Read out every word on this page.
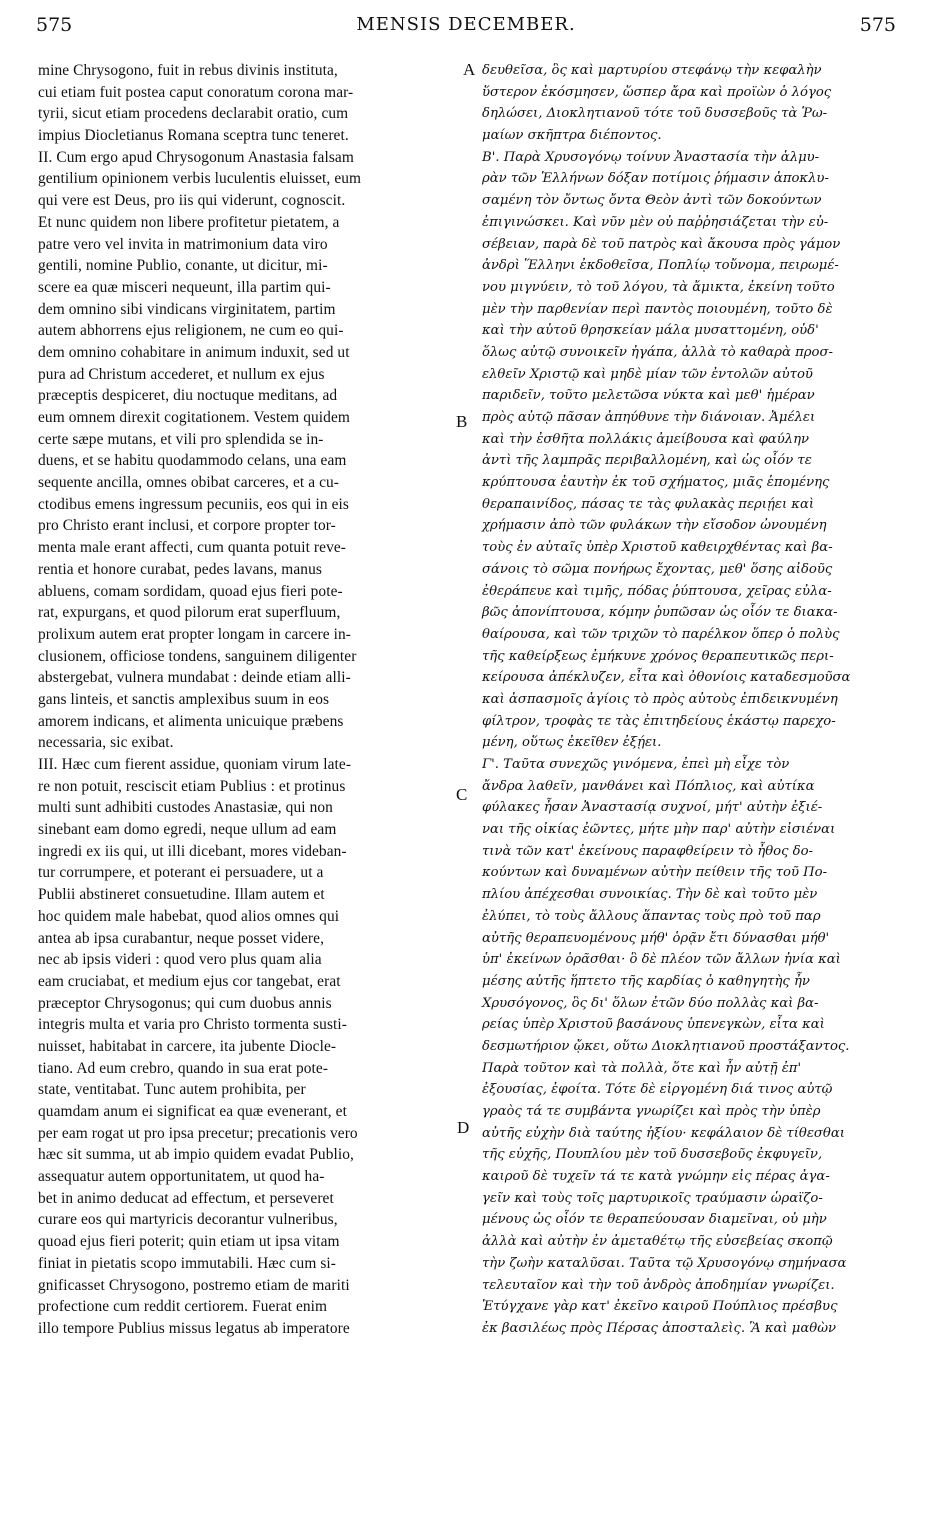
575	MENSIS DECEMBER.	575
mine Chrysogono, fuit in rebus divinis instituta,
cui etiam fuit postea caput conoratum corona mar-
tyrii, sicut etiam procedens declarabit oratio, cum
impius Diocletianus Romana sceptra tunc teneret.
II. Cum ergo apud Chrysogonum Anastasia falsam
gentilium opinionem verbis luculentis eluisset, eum
qui vere est Deus, pro iis qui viderunt, cognoscit.
Et nunc quidem non libere profitetur pietatem, a
patre vero vel invita in matrimonium data viro
gentili, nomine Publio, conante, ut dicitur, mi-
scere ea quæ misceri nequeunt, illa partim qui-
dem omnino sibi vindicans virginitatem, partim
autem abhorrens ejus religionem, ne cum eo qui-
dem omnino cohabitare in animum induxit, sed ut
pura ad Christum accederet, et nullum ex ejus
præceptis despiceret, diu noctuque meditans, ad
eum omnem direxit cogitationem. Vestem quidem
certe sæpe mutans, et vili pro splendida se in-
duens, et se habitu quodammodo celans, una eam
sequente ancilla, omnes obibat carceres, et a cu-
ctodibus emens ingressum pecuniis, eos qui in eis
pro Christo erant inclusi, et corpore propter tor-
menta male erant affecti, cum quanta potuit reve-
rentia et honore curabat, pedes lavans, manus
abluens, comam sordidam, quoad ejus fieri pote-
rat, expurgans, et quod pilorum erat superfluum,
prolixum autem erat propter longam in carcere in-
clusionem, officiose tondens, sanguinem diligenter
abstergebat, vulnera mundabat : deinde etiam alli-
gans linteis, et sanctis amplexibus suum in eos
amorem indicans, et alimenta unicuique præbens
necessaria, sic exibat.
III. Hæc cum fierent assidue, quoniam virum late-
re non potuit, resciscit etiam Publius : et protinus
multi sunt adhibiti custodes Anastasiæ, qui non
sinebant eam domo egredi, neque ullum ad eam
ingredi ex iis qui, ut illi dicebant, mores videban-
tur corrumpere, et poterant ei persuadere, ut a
Publii abstineret consuetudine. Illam autem et
hoc quidem male habebat, quod alios omnes qui
antea ab ipsa curabantur, neque posset videre,
nec ab ipsis videri : quod vero plus quam alia
eam cruciabat, et medium ejus cor tangebat, erat
præceptor Chrysogonus; qui cum duobus annis
integris multa et varia pro Christo tormenta susti-
nuisset, habitabat in carcere, ita jubente Diocle-
tiano. Ad eum crebro, quando in sua erat pote-
state, ventitabat. Tunc autem prohibita, per
quamdam anum ei significat ea quæ evenerant, et
per eam rogat ut pro ipsa precetur; precationis vero
hæc sit summa, ut ab impio quidem evadat Publio,
assequatur autem opportunitatem, ut quod ha-
bet in animo deducat ad effectum, et perseveret
curare eos qui martyricis decorantur vulneribus,
quoad ejus fieri poterit; quin etiam ut ipsa vitam
finiat in pietatis scopo immutabili. Hæc cum si-
gnificasset Chrysogono, postremo etiam de mariti
profectione cum reddit certiorem. Fuerat enim
illo tempore Publius missus legatus ab imperatore
δευθεῖσα, ὃς καὶ μαρτυρίου στεφάνῳ τὴν κεφαλὴν
ὕστερον ἐκόσμησεν, ὥσπερ ἄρα καὶ προϊὼν ὁ λόγος
δηλώσει, Διοκλητιανοῦ τότε τοῦ δυσσεβοῦς τὰ Ῥω-
μαίων σκῆπτρα διέποντος.
Β'. Παρὰ Χρυσογόνῳ τοίνυν Ἀναστασία τὴν ἁλμυ-
ρὰν τῶν Ἑλλήνων δόξαν ποτίμοις ῥήμασιν ἀποκλυ-
σαμένη τὸν ὄντως ὄντα Θεὸν ἀντὶ τῶν δοκούντων
ἐπιγινώσκει. Καὶ νῦν μὲν οὐ παῤῥησιάζεται τὴν εὐ-
σέβειαν, παρὰ δὲ τοῦ πατρὸς καὶ ἄκουσα πρὸς γάμον
ἀνδρὶ Ἕλληνι ἐκδοθεῖσα, Ποπλίῳ τοὔνομα, πειρωμέ-
νου μιγνύειν, τὸ τοῦ λόγου, τὰ ἄμικτα, ἐκείνη τοῦτο
μὲν τὴν παρθενίαν περὶ παντὸς ποιουμένη, τοῦτο δὲ
καὶ τὴν αὐτοῦ θρησκείαν μάλα μυσαττομένη, οὐδ'
ὅλως αὐτῷ συνοικεῖν ἠγάπα, ἀλλὰ τὸ καθαρὰ προσ-
ελθεῖν Χριστῷ καὶ μηδὲ μίαν τῶν ἐντολῶν αὐτοῦ
παριδεῖν, τοῦτο μελετῶσα νύκτα καὶ μεθ' ἡμέραν
πρὸς αὐτῷ πᾶσαν ἀπηύθυνε τὴν διάνοιαν. Ἀμέλει
καὶ τὴν ἐσθῆτα πολλάκις ἀμείβουσα καὶ φαύλην
ἀντὶ τῆς λαμπρᾶς περιβαλλομένη, καὶ ὡς οἷόν τε
κρύπτουσα ἑαυτὴν ἐκ τοῦ σχήματος, μιᾶς ἑπομένης
θεραπαινίδος, πάσας τε τὰς φυλακὰς περιῄει καὶ
χρήμασιν ἀπὸ τῶν φυλάκων τὴν εἴσοδον ὠνουμένη
τοὺς ἐν αὐταῖς ὑπὲρ Χριστοῦ καθειρχθέντας καὶ βα-
σάνοις τὸ σῶμα πονήρως ἔχοντας, μεθ' ὅσης αἰδοῦς
ἐθεράπευε καὶ τιμῆς, πόδας ῥύπτουσα, χεῖρας εὐλα-
βῶς ἀπονίπτουσα, κόμην ῥυπῶσαν ὡς οἷόν τε διακα-
θαίρουσα, καὶ τῶν τριχῶν τὸ παρέλκον ὅπερ ὁ πολὺς
τῆς καθείρξεως ἐμήκυνε χρόνος θεραπευτικῶς περι-
κείρουσα ἀπέκλυζεν, εἶτα καὶ ὀθονίοις καταδεσμοῦσα
καὶ ἀσπασμοῖς ἁγίοις τὸ πρὸς αὐτοὺς ἐπιδεικνυμένη
φίλτρον, τροφὰς τε τὰς ἐπιτηδείους ἑκάστῳ παρεχο-
μένη, οὕτως ἐκεῖθεν ἐξῄει.
Γ'. Ταῦτα συνεχῶς γινόμενα, ἐπεὶ μὴ εἶχε τὸν
ἄνδρα λαθεῖν, μανθάνει καὶ Πόπλιος, καὶ αὐτίκα
φύλακες ἦσαν Ἀναστασίᾳ συχνοί, μήτ' αὐτὴν ἐξιέ-
ναι τῆς οἰκίας ἐῶντες, μήτε μὴν παρ' αὐτὴν εἰσιέναι
τινὰ τῶν κατ' ἐκείνους παραφθείρειν τὸ ἦθος δο-
κούντων καὶ δυναμένων αὐτὴν πείθειν τῆς τοῦ Πο-
πλίου ἀπέχεσθαι συνοικίας. Τὴν δὲ καὶ τοῦτο μὲν
ἐλύπει, τὸ τοὺς ἄλλους ἅπαντας τοὺς πρὸ τοῦ παρ
αὐτῆς θεραπευομένους μήθ' ὁρᾷν ἔτι δύνασθαι μήθ'
ὑπ' ἐκείνων ὁρᾶσθαι· ὃ δὲ πλέον τῶν ἄλλων ἠνία καὶ
μέσης αὐτῆς ἥπτετο τῆς καρδίας ὁ καθηγητὴς ἦν
Χρυσόγονος, ὃς δι' ὅλων ἐτῶν δύο πολλὰς καὶ βα-
ρείας ὑπὲρ Χριστοῦ βασάνους ὑπενεγκὼν, εἶτα καὶ
δεσμωτήριον ᾤκει, οὕτω Διοκλητιανοῦ προστάξαντος.
Παρὰ τοῦτον καὶ τὰ πολλὰ, ὅτε καὶ ἦν αὐτῇ ἐπ'
ἐξουσίας, ἐφοίτα. Τότε δὲ εἰργομένη διά τινος αὐτῷ
γραὸς τά τε συμβάντα γνωρίζει καὶ πρὸς τὴν ὑπὲρ
αὐτῆς εὐχὴν διὰ ταύτης ἠξίου· κεφάλαιον δὲ τίθεσθαι
τῆς εὐχῆς, Πουπλίου μὲν τοῦ δυσσεβοῦς ἐκφυγεῖν,
καιροῦ δὲ τυχεῖν τά τε κατὰ γνώμην εἰς πέρας ἀγα-
γεῖν καὶ τοὺς τοῖς μαρτυρικοῖς τραύμασιν ὡραϊζο-
μένους ὡς οἷόν τε θεραπεύουσαν διαμεῖναι, οὐ μὴν
ἀλλὰ καὶ αὐτὴν ἐν ἀμεταθέτῳ τῆς εὐσεβείας σκοπῷ
τὴν ζωὴν καταλῦσαι. Ταῦτα τῷ Χρυσογόνῳ σημήνασα
τελευταῖον καὶ τὴν τοῦ ἀνδρὸς ἀποδημίαν γνωρίζει.
Ἐτύγχανε γὰρ κατ' ἐκεῖνο καιροῦ Πούπλιος πρέσβυς
ἐκ βασιλέως πρὸς Πέρσας ἀποσταλεὶς. Ἃ καὶ μαθὼν
A
B
C
D
